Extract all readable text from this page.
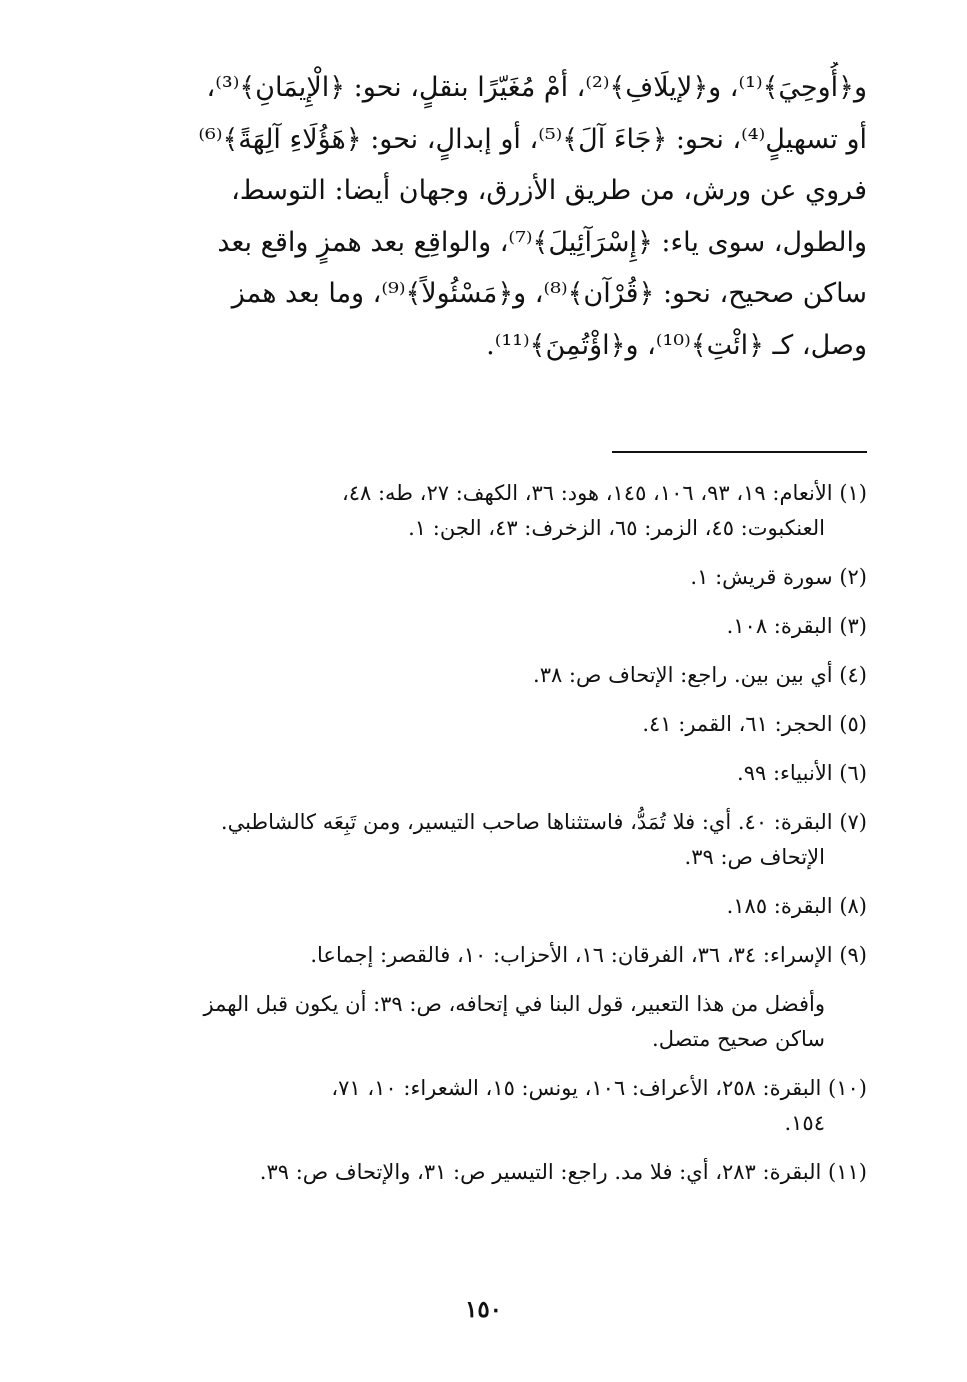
و﴿أُوحِيَ﴾⁽¹⁾، و﴿لإيلَافِ﴾⁽²⁾، أمْ مُغَيّرًا بنقلٍ، نحو: ﴿الْإِيمَانِ﴾⁽³⁾،
أو تسهيلٍ⁽⁴⁾، نحو: ﴿جَاءَ آلَ﴾⁽⁵⁾، أو إبدالٍ، نحو: ﴿هَؤُلَاءِ آلِهَةً﴾⁽⁶⁾
فروي عن ورش، من طريق الأزرق، وجهان أيضا: التوسط،
والطول، سوى ياء: ﴿إِسْرَآئِيلَ﴾⁽⁷⁾، والواقِع بعد همزٍ واقع بعد
ساكن صحيح، نحو: ﴿قُرْآن﴾⁽⁸⁾، و﴿مَسْئُولاً﴾⁽⁹⁾، وما بعد همز
وصل، كـ ﴿ائْتِ﴾⁽¹⁰⁾، و﴿اؤْتُمِنَ﴾⁽¹¹⁾.
(١) الأنعام: ١٩، ٩٣، ١٠٦، ١٤٥، هود: ٣٦، الكهف: ٢٧، طه: ٤٨،
العنكبوت: ٤٥، الزمر: ٦٥، الزخرف: ٤٣، الجن: ١.
(٢) سورة قريش: ١.
(٣) البقرة: ١٠٨.
(٤) أي بين بين. راجع: الإتحاف ص: ٣٨.
(٥) الحجر: ٦١، القمر: ٤١.
(٦) الأنبياء: ٩٩.
(٧) البقرة: ٤٠. أي: فلا تُمَدُّ، فاستثناها صاحب التيسير، ومن تَبِعَه كالشاطبي.
الإتحاف ص: ٣٩.
(٨) البقرة: ١٨٥.
(٩) الإسراء: ٣٤، ٣٦، الفرقان: ١٦، الأحزاب: ١٠، فالقصر: إجماعا.
وأفضل من هذا التعبير، قول البنا في إتحافه، ص: ٣٩: أن يكون قبل الهمز
ساكن صحيح متصل.
(١٠) البقرة: ٢٥٨، الأعراف: ١٠٦، يونس: ١٥، الشعراء: ١٠، ٧١،
١٥٤.
(١١) البقرة: ٢٨٣، أي: فلا مد. راجع: التيسير ص: ٣١، والإتحاف ص: ٣٩.
١٥٠
